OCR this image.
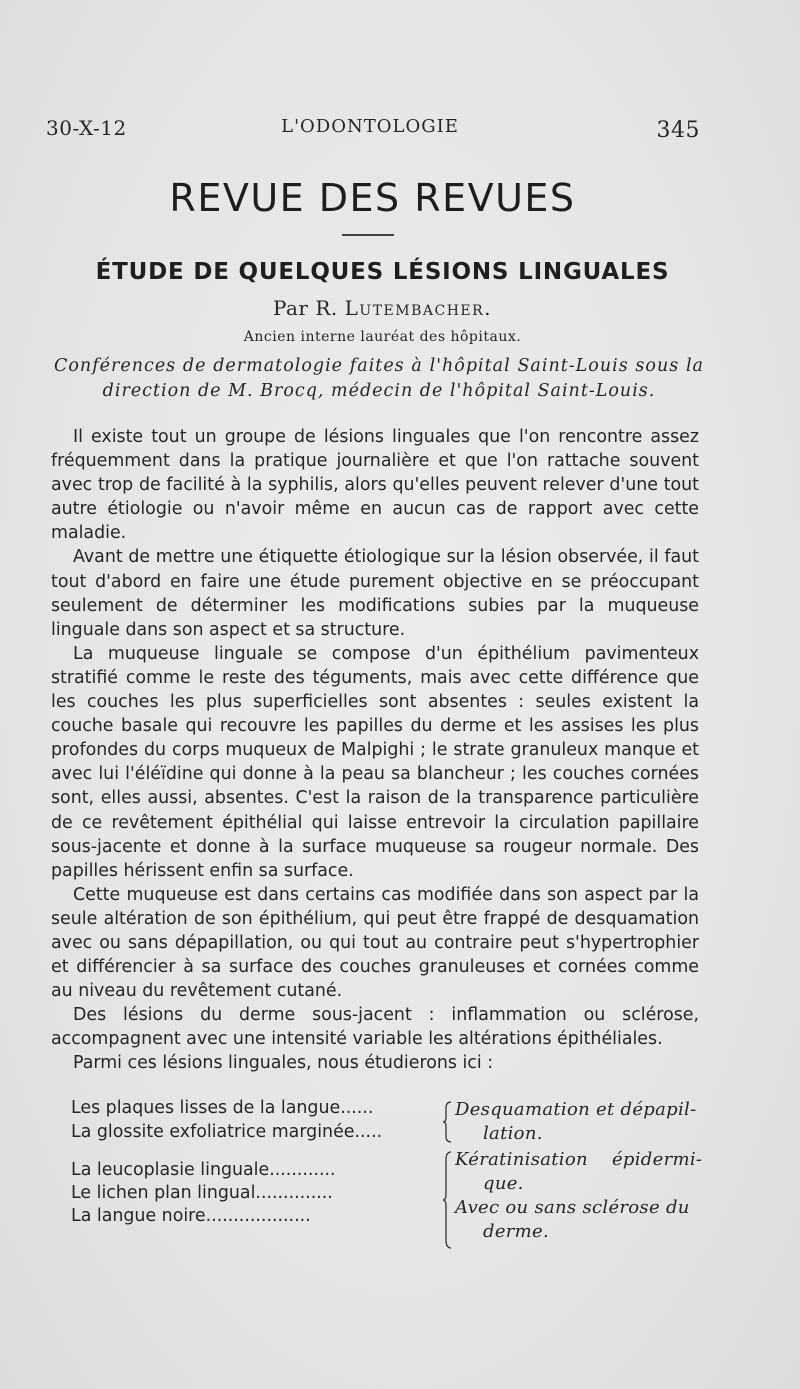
30-X-12	L'ODONTOLOGIE	345
REVUE DES REVUES
ÉTUDE DE QUELQUES LÉSIONS LINGUALES
Par R. Lutembacher.
Ancien interne lauréat des hôpitaux.
Conférences de dermatologie faites à l'hôpital Saint-Louis sous la direction de M. Brocq, médecin de l'hôpital Saint-Louis.

Il existe tout un groupe de lésions linguales que l'on rencontre assez fréquemment dans la pratique journalière et que l'on rattache souvent avec trop de facilité à la syphilis, alors qu'elles peuvent relever d'une tout autre étiologie ou n'avoir même en aucun cas de rapport avec cette maladie.

Avant de mettre une étiquette étiologique sur la lésion observée, il faut tout d'abord en faire une étude purement objective en se préoccupant seulement de déterminer les modifications subies par la muqueuse linguale dans son aspect et sa structure.

La muqueuse linguale se compose d'un épithélium pavimenteux stratifié comme le reste des téguments, mais avec cette différence que les couches les plus superficielles sont absentes : seules existent la couche basale qui recouvre les papilles du derme et les assises les plus profondes du corps muqueux de Malpighi ; le strate granuleux manque et avec lui l'éléïdine qui donne à la peau sa blancheur ; les couches cornées sont, elles aussi, absentes. C'est la raison de la transparence particulière de ce revêtement épithélial qui laisse entrevoir la circulation papillaire sous-jacente et donne à la surface muqueuse sa rougeur normale. Des papilles hérissent enfin sa surface.

Cette muqueuse est dans certains cas modifiée dans son aspect par la seule altération de son épithélium, qui peut être frappé de desquamation avec ou sans dépapillation, ou qui tout au contraire peut s'hypertrophier et différencier à sa surface des couches granuleuses et cornées comme au niveau du revêtement cutané.

Des lésions du derme sous-jacent : inflammation ou sclérose, accompagnent avec une intensité variable les altérations épithéliales.

Parmi ces lésions linguales, nous étudierons ici :

Les plaques lisses de la langue......
La glossite exfoliatrice marginée.....
La leucoplasie linguale............
Le lichen plan lingual..............
La langue noire...................
Desquamation et dépapil-
lation.
Kératinisation    épidermi-
que.
Avec ou sans sclérose du
derme.
